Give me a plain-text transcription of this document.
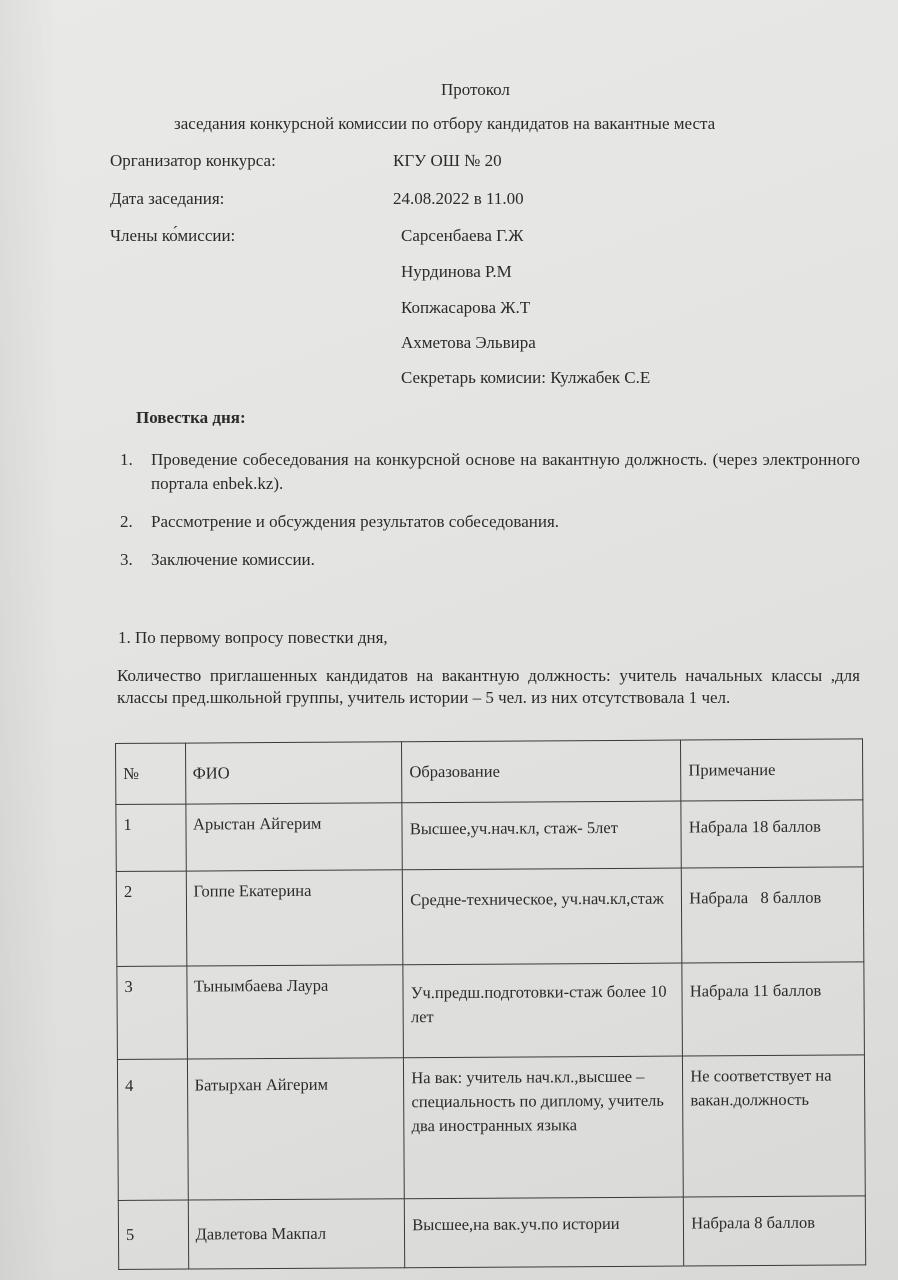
Протокол
заседания конкурсной комиссии по отбору кандидатов на вакантные места
Организатор конкурса:	КГУ ОШ № 20
Дата заседания:	24.08.2022 в 11.00
Члены ко́миссии:	Сарсенбаева Г.Ж
Нурдинова Р.М
Копжасарова Ж.Т
Ахметова Эльвира
Секретарь комисии: Кулжабек С.Е
Повестка дня:
1. Проведение собеседования на конкурсной основе на вакантную должность. (через электронного портала enbek.kz).
2. Рассмотрение и обсуждения результатов собеседования.
3. Заключение комиссии.
1. По первому вопросу повестки дня,
Количество приглашенных кандидатов на вакантную должность: учитель начальных классы ,для классы пред.школьной группы, учитель истории – 5 чел. из них отсутствовала 1 чел.
№	ФИО	Образование	Примечание
1	Арыстан Айгерим	Высшее,уч.нач.кл, стаж- 5лет	Набрала 18 баллов
2	Гоппе Екатерина	Средне-техническое, уч.нач.кл,стаж	Набрала   8 баллов
3	Тынымбаева Лаура	Уч.предш.подготовки-стаж более 10 лет	Набрала 11 баллов
4	Батырхан Айгерим	На вак: учитель нач.кл.,высшее –специальность по диплому, учитель два иностранных языка	Не соответствует на вакан.должность
5	Давлетова Макпал	Высшее,на вак.уч.по истории	Набрала 8 баллов
